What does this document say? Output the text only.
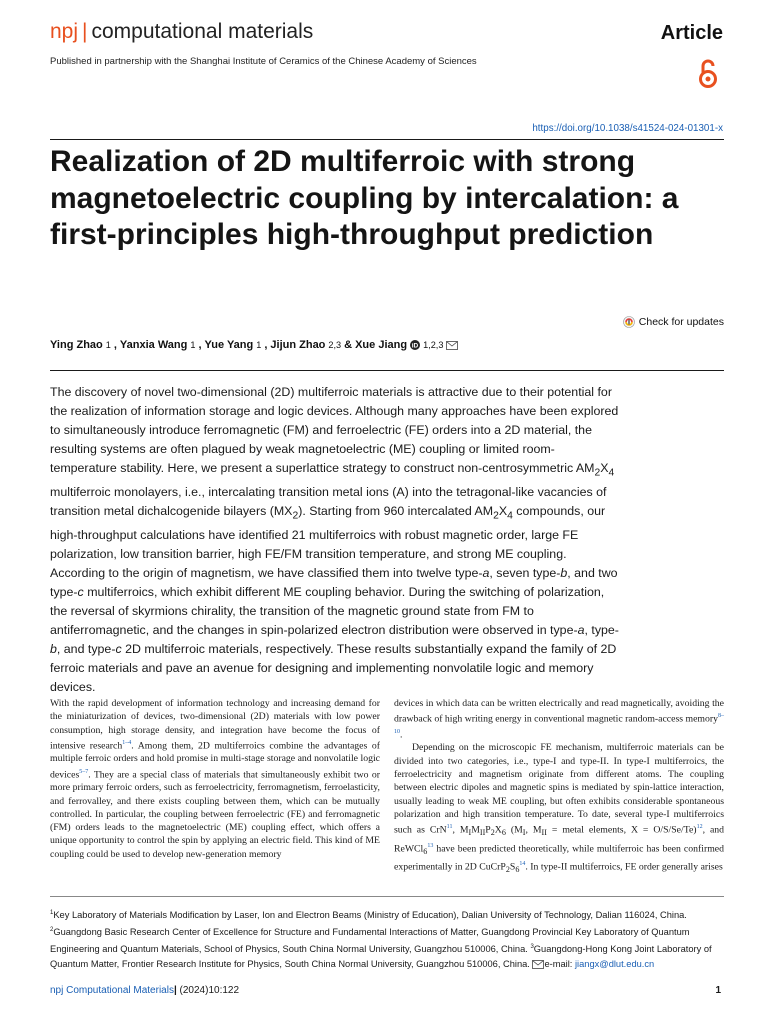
npj | computational materials	Article
Published in partnership with the Shanghai Institute of Ceramics of the Chinese Academy of Sciences
https://doi.org/10.1038/s41524-024-01301-x
Realization of 2D multiferroic with strong magnetoelectric coupling by intercalation: a first-principles high-throughput prediction
Check for updates
Ying Zhao 1 , Yanxia Wang 1 , Yue Yang 1 , Jijun Zhao 2,3 & Xue Jiang iD 1,2,3

The discovery of novel two-dimensional (2D) multiferroic materials is attractive due to their potential for the realization of information storage and logic devices. Although many approaches have been explored to simultaneously introduce ferromagnetic (FM) and ferroelectric (FE) orders into a 2D material, the resulting systems are often plagued by weak magnetoelectric (ME) coupling or limited room-temperature stability. Here, we present a superlattice strategy to construct non-centrosymmetric $AM_2X_4$ multiferroic monolayers, i.e., intercalating transition metal ions (A) into the tetragonal-like vacancies of transition metal dichalcogenide bilayers $(MX_2)$. Starting from 960 intercalated $AM_2X_4$ compounds, our high-throughput calculations have identified 21 multiferroics with robust magnetic order, large FE polarization, low transition barrier, high FE/FM transition temperature, and strong ME coupling. According to the origin of magnetism, we have classified them into twelve type-a, seven type-b, and two type-c multiferroics, which exhibit different ME coupling behavior. During the switching of polarization, the reversal of skyrmions chirality, the transition of the magnetic ground state from FM to antiferromagnetic, and the changes in spin-polarized electron distribution were observed in type-a, type-b, and type-c 2D multiferroic materials, respectively. These results substantially expand the family of 2D ferroic materials and pave an avenue for designing and implementing nonvolatile logic and memory devices.

With the rapid development of information technology and increasing demand for the miniaturization of devices, two-dimensional (2D) materials with low power consumption, high storage density, and integration have become the focus of intensive research$^{1-4}$. Among them, 2D multiferroics combine the advantages of multiple ferroic orders and hold promise in multi-stage storage and nonvolatile logic devices$^{5-7}$. They are a special class of materials that simultaneously exhibit two or more primary ferroic orders, such as ferroelectricity, ferromagnetism, ferroelasticity, and ferrovalley, and there exists coupling between them, which can be mutually controlled. In particular, the coupling between ferroelectric (FE) and ferromagnetic (FM) orders leads to the magnetoelectric (ME) coupling effect, which offers a unique opportunity to control the spin by applying an electric field. This kind of ME coupling could be used to develop new-generation memory

devices in which data can be written electrically and read magnetically, avoiding the drawback of high writing energy in conventional magnetic random-access memory$^{8-10}$.

Depending on the microscopic FE mechanism, multiferroic materials can be divided into two categories, i.e., type-I and type-II. In type-I multiferroics, the ferroelectricity and magnetism originate from different atoms. The coupling between electric dipoles and magnetic spins is mediated by spin-lattice interaction, usually leading to weak ME coupling, but often exhibits considerable spontaneous polarization and high transition temperature. To date, several type-I multiferroics such as CrN$^{11}$, $M_IM_{II}P_2X_6$ ($M_I$, $M_{II}$ = metal elements, X = O/S/Se/Te)$^{12}$, and ReWCl$_6^{13}$ have been predicted theoretically, while multiferroic has been confirmed experimentally in 2D $CuCrP_2S_6^{14}$. In type-II multiferroics, FE order generally arises

$^1$Key Laboratory of Materials Modification by Laser, Ion and Electron Beams (Ministry of Education), Dalian University of Technology, Dalian 116024, China. $^2$Guangdong Basic Research Center of Excellence for Structure and Fundamental Interactions of Matter, Guangdong Provincial Key Laboratory of Quantum Engineering and Quantum Materials, School of Physics, South China Normal University, Guangzhou 510006, China. $^3$Guangdong-Hong Kong Joint Laboratory of Quantum Matter, Frontier Research Institute for Physics, South China Normal University, Guangzhou 510006, China. e-mail: jiangx@dlut.edu.cn
npj Computational Materials| (2024)10:122	1
